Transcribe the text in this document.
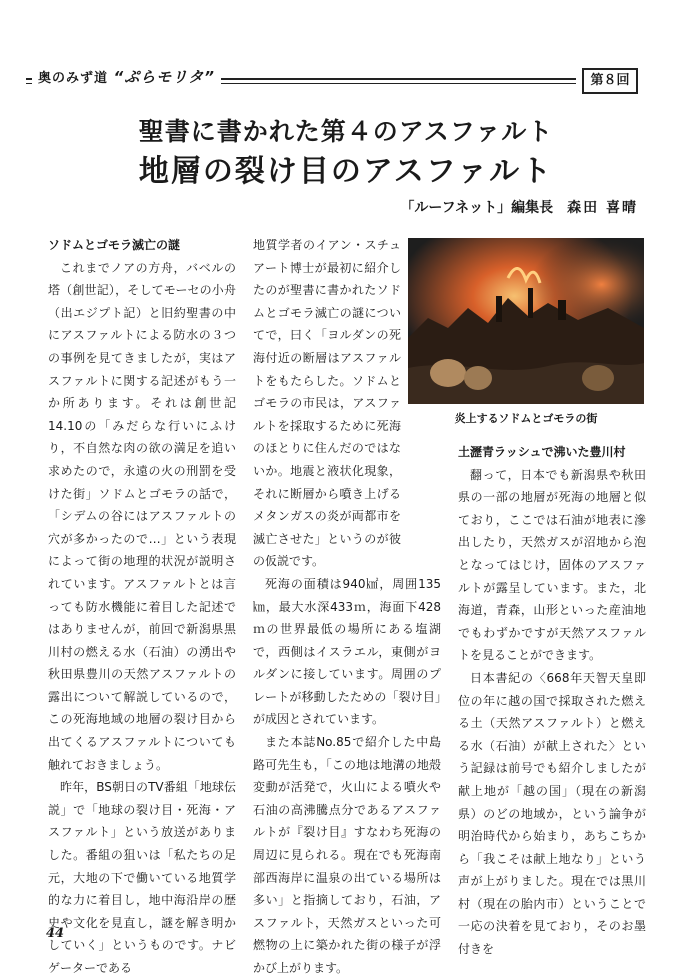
奥のみず道 “ぷらモリタ”	第８回
聖書に書かれた第４のアスファルト
地層の裂け目のアスファルト
「ルーフネット」編集長 森田 喜晴

ソドムとゴモラ滅亡の謎

これまでノアの方舟，バベルの塔（創世記），そしてモーセの小舟（出エジプト記）と旧約聖書の中にアスファルトによる防水の３つの事例を見てきましたが，実はアスファルトに関する記述がもう一か所あります。それは創世記14.10の「みだらな行いにふけり，不自然な肉の欲の満足を追い求めたので，永遠の火の刑罰を受けた街」ソドムとゴモラの話で，「シデムの谷にはアスファルトの穴が多かったので…」という表現によって街の地理的状況が説明されています。アスファルトとは言っても防水機能に着目した記述ではありませんが，前回で新潟県黒川村の燃える水（石油）の湧出や秋田県豊川の天然アスファルトの露出について解説しているので，この死海地域の地層の裂け目から出てくるアスファルトについても触れておきましょう。

昨年，BS朝日のTV番組「地球伝説」で「地球の裂け目・死海・アスファルト」という放送がありました。番組の狙いは「私たちの足元，大地の下で働いている地質学的な力に着目し，地中海沿岸の歴史や文化を見直し，謎を解き明かしていく」というものです。ナビゲーターである

地質学者のイアン・スチュアート博士が最初に紹介したのが聖書に書かれたソドムとゴモラ滅亡の謎についてで，曰く「ヨルダンの死海付近の断層はアスファルトをもたらした。ソドムとゴモラの市民は，アスファルトを採取するために死海のほとりに住んだのではないか。地震と液状化現象，それに断層から噴き上げるメタンガスの炎が両都市を滅亡させた」というのが彼の仮説です。

死海の面積は940㎢，周囲135㎞，最大水深433ｍ，海面下428ｍの世界最低の場所にある塩湖で，西側はイスラエル，東側がヨルダンに接しています。周囲のプレートが移動したための「裂け目」が成因とされています。

また本誌No.85で紹介した中島路可先生も，「この地は地溝の地殻変動が活発で，火山による噴火や石油の高沸騰点分であるアスファルトが『裂け目』すなわち死海の周辺に見られる。現在でも死海南部西海岸に温泉の出ている場所は多い」と指摘しており，石油，アスファルト，天然ガスといった可燃物の上に築かれた街の様子が浮かび上がります。

炎上するソドムとゴモラの街

土瀝青ラッシュで沸いた豊川村

翻って，日本でも新潟県や秋田県の一部の地層が死海の地層と似ており，ここでは石油が地表に滲出したり，天然ガスが沼地から泡となってはじけ，固体のアスファルトが露呈しています。また，北海道，青森，山形といった産油地でもわずかですが天然アスファルトを見ることができます。

日本書紀の〈668年天智天皇即位の年に越の国で採取された燃える土（天然アスファルト）と燃える水（石油）が献上された〉という記録は前号でも紹介しましたが献上地が「越の国」（現在の新潟県）のどの地域か，という論争が明治時代から始まり，あちこちから「我こそは献上地なり」という声が上がりました。現在では黒川村（現在の胎内市）ということで一応の決着を見ており，そのお墨付きを

44
